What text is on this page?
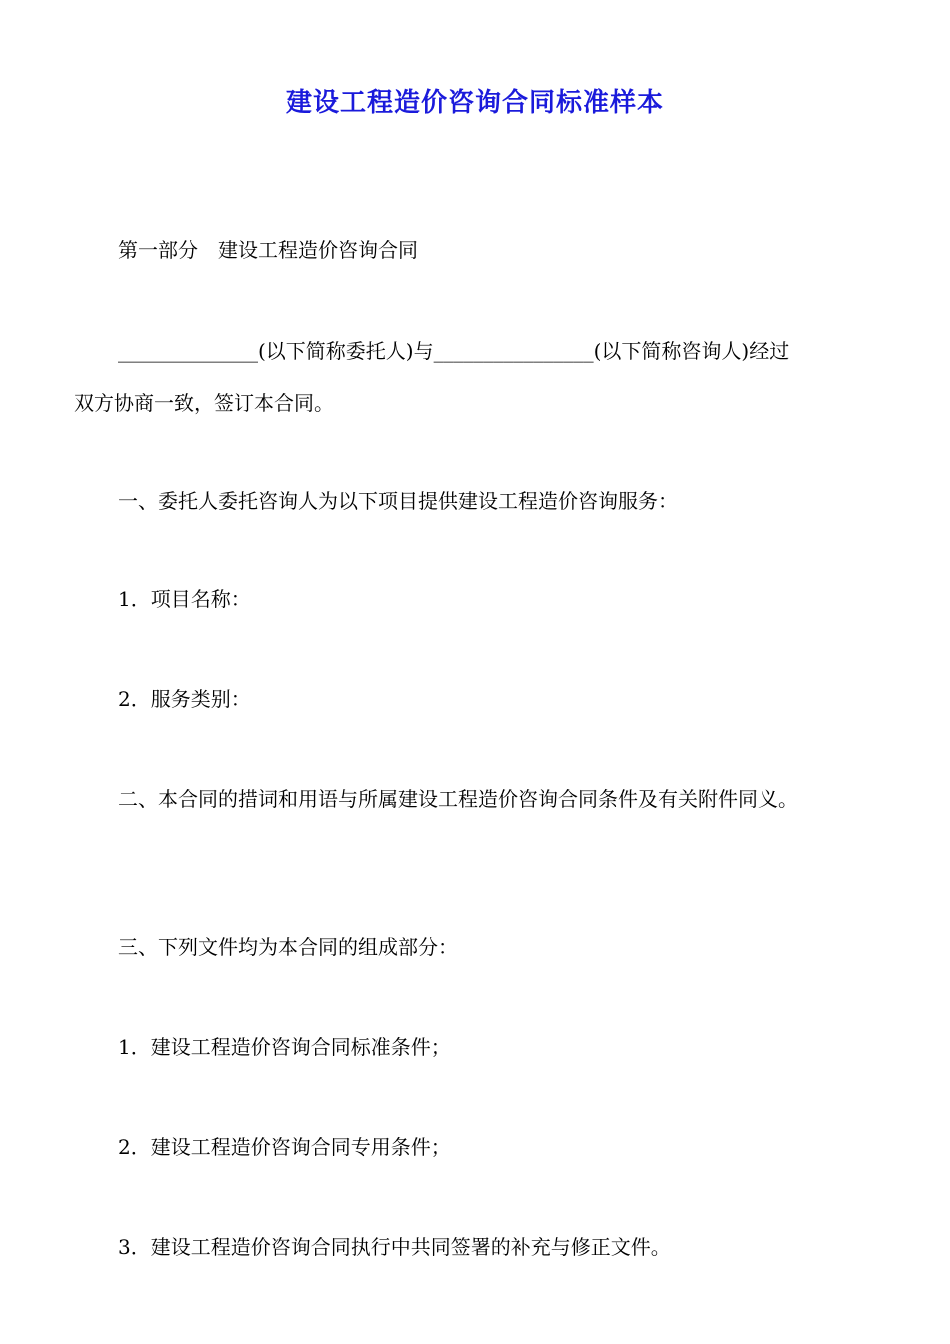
建设工程造价咨询合同标准样本
第一部分　建设工程造价咨询合同
______________(以下简称委托人)与________________(以下简称咨询人)经过
双方协商一致，签订本合同。
一、委托人委托咨询人为以下项目提供建设工程造价咨询服务：
1．项目名称：
2．服务类别：
二、本合同的措词和用语与所属建设工程造价咨询合同条件及有关附件同义。
三、下列文件均为本合同的组成部分：
1．建设工程造价咨询合同标准条件；
2．建设工程造价咨询合同专用条件；
3．建设工程造价咨询合同执行中共同签署的补充与修正文件。
